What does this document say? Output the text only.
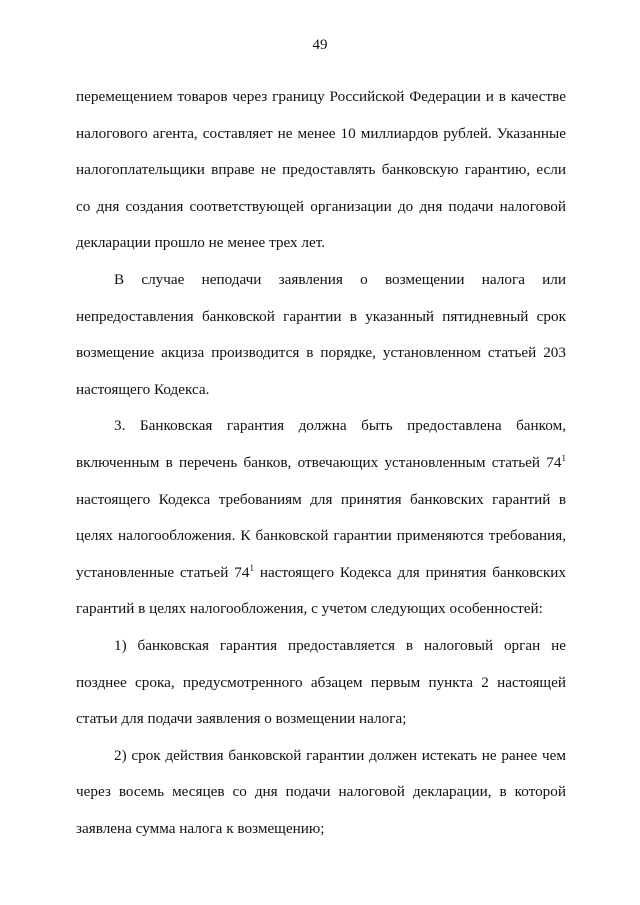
49

перемещением товаров через границу Российской Федерации и в качестве налогового агента, составляет не менее 10 миллиардов рублей. Указанные налогоплательщики вправе не предоставлять банковскую гарантию, если со дня создания соответствующей организации до дня подачи налоговой декларации прошло не менее трех лет.

В случае неподачи заявления о возмещении налога или непредоставления банковской гарантии в указанный пятидневный срок возмещение акциза производится в порядке, установленном статьей 203 настоящего Кодекса.

3. Банковская гарантия должна быть предоставлена банком, включенным в перечень банков, отвечающих установленным статьей $74^1$ настоящего Кодекса требованиям для принятия банковских гарантий в целях налогообложения. К банковской гарантии применяются требования, установленные статьей $74^1$ настоящего Кодекса для принятия банковских гарантий в целях налогообложения, с учетом следующих особенностей:

1) банковская гарантия предоставляется в налоговый орган не позднее срока, предусмотренного абзацем первым пункта 2 настоящей статьи для подачи заявления о возмещении налога;

2) срок действия банковской гарантии должен истекать не ранее чем через восемь месяцев со дня подачи налоговой декларации, в которой заявлена сумма налога к возмещению;
